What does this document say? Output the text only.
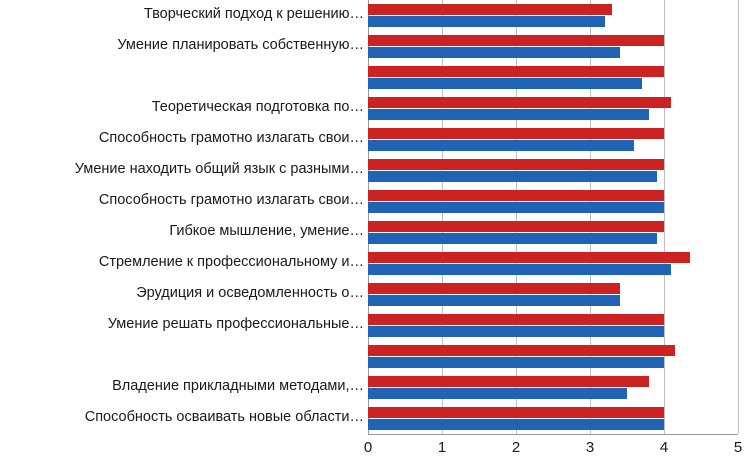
Творческий подход к решению…
Умение планировать собственную…
Теоретическая подготовка по…
Способность грамотно излагать свои…
Умение находить общий язык с разными…
Способность грамотно излагать свои…
Гибкое мышление, умение…
Стремление к профессиональному и…
Эрудиция и осведомленность о…
Умение решать профессиональные…
Владение прикладными методами,…
Способность осваивать новые области…
0	1	2	3	4	5
